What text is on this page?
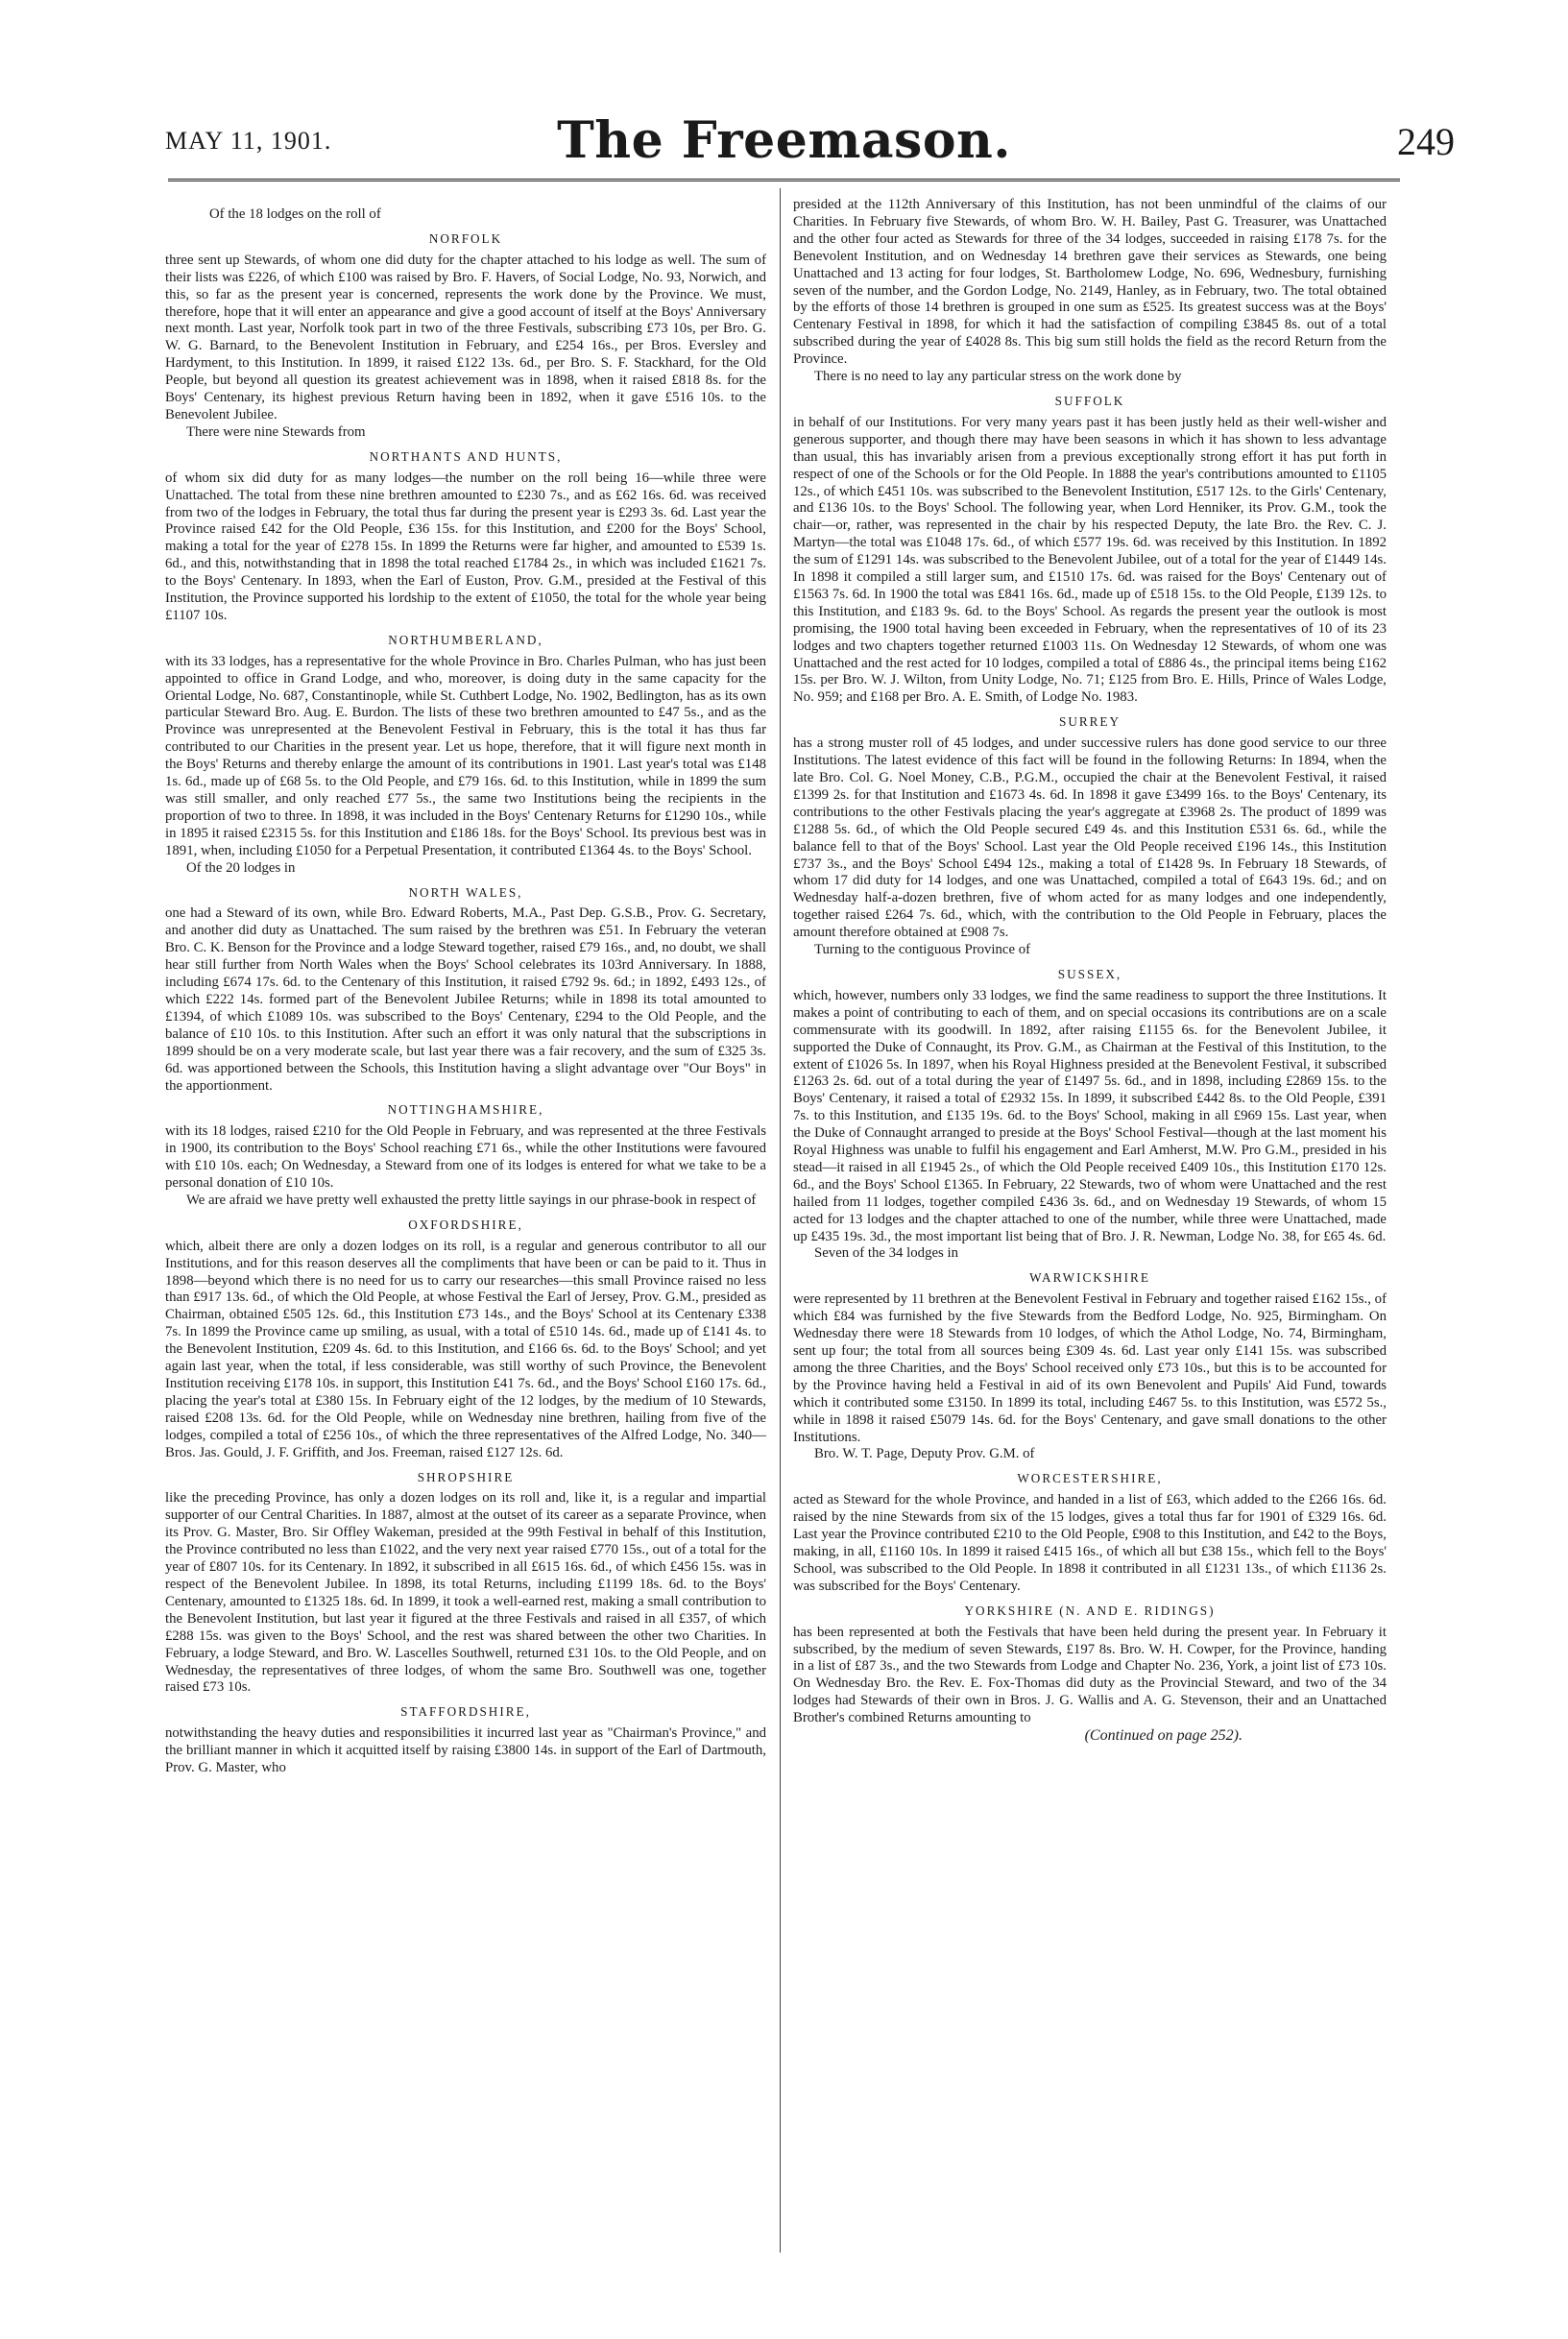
MAY 11, 1901.	The Freemason.	249

Of the 18 lodges on the roll of

NORFOLK

three sent up Stewards, of whom one did duty for the chapter attached to his lodge as well. The sum of their lists was £226, of which £100 was raised by Bro. F. Havers, of Social Lodge, No. 93, Norwich, and this, so far as the present year is concerned, represents the work done by the Province. We must, therefore, hope that it will enter an appearance and give a good account of itself at the Boys' Anniversary next month. Last year, Norfolk took part in two of the three Festivals, subscribing £73 10s, per Bro. G. W. G. Barnard, to the Benevolent Institution in February, and £254 16s., per Bros. Eversley and Hardyment, to this Institution. In 1899, it raised £122 13s. 6d., per Bro. S. F. Stackhard, for the Old People, but beyond all question its greatest achievement was in 1898, when it raised £818 8s. for the Boys' Centenary, its highest previous Return having been in 1892, when it gave £516 10s. to the Benevolent Jubilee.

There were nine Stewards from

NORTHANTS AND HUNTS,

of whom six did duty for as many lodges—the number on the roll being 16—while three were Unattached. The total from these nine brethren amounted to £230 7s., and as £62 16s. 6d. was received from two of the lodges in February, the total thus far during the present year is £293 3s. 6d. Last year the Province raised £42 for the Old People, £36 15s. for this Institution, and £200 for the Boys' School, making a total for the year of £278 15s. In 1899 the Returns were far higher, and amounted to £539 1s. 6d., and this, notwithstanding that in 1898 the total reached £1784 2s., in which was included £1621 7s. to the Boys' Centenary. In 1893, when the Earl of Euston, Prov. G.M., presided at the Festival of this Institution, the Province supported his lordship to the extent of £1050, the total for the whole year being £1107 10s.

NORTHUMBERLAND,

with its 33 lodges, has a representative for the whole Province in Bro. Charles Pulman, who has just been appointed to office in Grand Lodge, and who, moreover, is doing duty in the same capacity for the Oriental Lodge, No. 687, Constantinople, while St. Cuthbert Lodge, No. 1902, Bedlington, has as its own particular Steward Bro. Aug. E. Burdon. The lists of these two brethren amounted to £47 5s., and as the Province was unrepresented at the Benevolent Festival in February, this is the total it has thus far contributed to our Charities in the present year. Let us hope, therefore, that it will figure next month in the Boys' Returns and thereby enlarge the amount of its contributions in 1901. Last year's total was £148 1s. 6d., made up of £68 5s. to the Old People, and £79 16s. 6d. to this Institution, while in 1899 the sum was still smaller, and only reached £77 5s., the same two Institutions being the recipients in the proportion of two to three. In 1898, it was included in the Boys' Centenary Returns for £1290 10s., while in 1895 it raised £2315 5s. for this Institution and £186 18s. for the Boys' School. Its previous best was in 1891, when, including £1050 for a Perpetual Presentation, it contributed £1364 4s. to the Boys' School.

Of the 20 lodges in

NORTH WALES,

one had a Steward of its own, while Bro. Edward Roberts, M.A., Past Dep. G.S.B., Prov. G. Secretary, and another did duty as Unattached. The sum raised by the brethren was £51. In February the veteran Bro. C. K. Benson for the Province and a lodge Steward together, raised £79 16s., and, no doubt, we shall hear still further from North Wales when the Boys' School celebrates its 103rd Anniversary. In 1888, including £674 17s. 6d. to the Centenary of this Institution, it raised £792 9s. 6d.; in 1892, £493 12s., of which £222 14s. formed part of the Benevolent Jubilee Returns; while in 1898 its total amounted to £1394, of which £1089 10s. was subscribed to the Boys' Centenary, £294 to the Old People, and the balance of £10 10s. to this Institution. After such an effort it was only natural that the subscriptions in 1899 should be on a very moderate scale, but last year there was a fair recovery, and the sum of £325 3s. 6d. was apportioned between the Schools, this Institution having a slight advantage over "Our Boys" in the apportionment.

NOTTINGHAMSHIRE,

with its 18 lodges, raised £210 for the Old People in February, and was represented at the three Festivals in 1900, its contribution to the Boys' School reaching £71 6s., while the other Institutions were favoured with £10 10s. each; On Wednesday, a Steward from one of its lodges is entered for what we take to be a personal donation of £10 10s.

We are afraid we have pretty well exhausted the pretty little sayings in our phrase-book in respect of

OXFORDSHIRE,

which, albeit there are only a dozen lodges on its roll, is a regular and generous contributor to all our Institutions, and for this reason deserves all the compliments that have been or can be paid to it. Thus in 1898—beyond which there is no need for us to carry our researches—this small Province raised no less than £917 13s. 6d., of which the Old People, at whose Festival the Earl of Jersey, Prov. G.M., presided as Chairman, obtained £505 12s. 6d., this Institution £73 14s., and the Boys' School at its Centenary £338 7s. In 1899 the Province came up smiling, as usual, with a total of £510 14s. 6d., made up of £141 4s. to the Benevolent Institution, £209 4s. 6d. to this Institution, and £166 6s. 6d. to the Boys' School; and yet again last year, when the total, if less considerable, was still worthy of such Province, the Benevolent Institution receiving £178 10s. in support, this Institution £41 7s. 6d., and the Boys' School £160 17s. 6d., placing the year's total at £380 15s. In February eight of the 12 lodges, by the medium of 10 Stewards, raised £208 13s. 6d. for the Old People, while on Wednesday nine brethren, hailing from five of the lodges, compiled a total of £256 10s., of which the three representatives of the Alfred Lodge, No. 340—Bros. Jas. Gould, J. F. Griffith, and Jos. Freeman, raised £127 12s. 6d.

SHROPSHIRE

like the preceding Province, has only a dozen lodges on its roll and, like it, is a regular and impartial supporter of our Central Charities. In 1887, almost at the outset of its career as a separate Province, when its Prov. G. Master, Bro. Sir Offley Wakeman, presided at the 99th Festival in behalf of this Institution, the Province contributed no less than £1022, and the very next year raised £770 15s., out of a total for the year of £807 10s. for its Centenary. In 1892, it subscribed in all £615 16s. 6d., of which £456 15s. was in respect of the Benevolent Jubilee. In 1898, its total Returns, including £1199 18s. 6d. to the Boys' Centenary, amounted to £1325 18s. 6d. In 1899, it took a well-earned rest, making a small contribution to the Benevolent Institution, but last year it figured at the three Festivals and raised in all £357, of which £288 15s. was given to the Boys' School, and the rest was shared between the other two Charities. In February, a lodge Steward, and Bro. W. Lascelles Southwell, returned £31 10s. to the Old People, and on Wednesday, the representatives of three lodges, of whom the same Bro. Southwell was one, together raised £73 10s.

STAFFORDSHIRE,

notwithstanding the heavy duties and responsibilities it incurred last year as "Chairman's Province," and the brilliant manner in which it acquitted itself by raising £3800 14s. in support of the Earl of Dartmouth, Prov. G. Master, who

presided at the 112th Anniversary of this Institution, has not been unmindful of the claims of our Charities. In February five Stewards, of whom Bro. W. H. Bailey, Past G. Treasurer, was Unattached and the other four acted as Stewards for three of the 34 lodges, succeeded in raising £178 7s. for the Benevolent Institution, and on Wednesday 14 brethren gave their services as Stewards, one being Unattached and 13 acting for four lodges, St. Bartholomew Lodge, No. 696, Wednesbury, furnishing seven of the number, and the Gordon Lodge, No. 2149, Hanley, as in February, two. The total obtained by the efforts of those 14 brethren is grouped in one sum as £525. Its greatest success was at the Boys' Centenary Festival in 1898, for which it had the satisfaction of compiling £3845 8s. out of a total subscribed during the year of £4028 8s. This big sum still holds the field as the record Return from the Province.

There is no need to lay any particular stress on the work done by

SUFFOLK

in behalf of our Institutions. For very many years past it has been justly held as their well-wisher and generous supporter, and though there may have been seasons in which it has shown to less advantage than usual, this has invariably arisen from a previous exceptionally strong effort it has put forth in respect of one of the Schools or for the Old People. In 1888 the year's contributions amounted to £1105 12s., of which £451 10s. was subscribed to the Benevolent Institution, £517 12s. to the Girls' Centenary, and £136 10s. to the Boys' School. The following year, when Lord Henniker, its Prov. G.M., took the chair—or, rather, was represented in the chair by his respected Deputy, the late Bro. the Rev. C. J. Martyn—the total was £1048 17s. 6d., of which £577 19s. 6d. was received by this Institution. In 1892 the sum of £1291 14s. was subscribed to the Benevolent Jubilee, out of a total for the year of £1449 14s. In 1898 it compiled a still larger sum, and £1510 17s. 6d. was raised for the Boys' Centenary out of £1563 7s. 6d. In 1900 the total was £841 16s. 6d., made up of £518 15s. to the Old People, £139 12s. to this Institution, and £183 9s. 6d. to the Boys' School. As regards the present year the outlook is most promising, the 1900 total having been exceeded in February, when the representatives of 10 of its 23 lodges and two chapters together returned £1003 11s. On Wednesday 12 Stewards, of whom one was Unattached and the rest acted for 10 lodges, compiled a total of £886 4s., the principal items being £162 15s. per Bro. W. J. Wilton, from Unity Lodge, No. 71; £125 from Bro. E. Hills, Prince of Wales Lodge, No. 959; and £168 per Bro. A. E. Smith, of Lodge No. 1983.

SURREY

has a strong muster roll of 45 lodges, and under successive rulers has done good service to our three Institutions. The latest evidence of this fact will be found in the following Returns: In 1894, when the late Bro. Col. G. Noel Money, C.B., P.G.M., occupied the chair at the Benevolent Festival, it raised £1399 2s. for that Institution and £1673 4s. 6d. In 1898 it gave £3499 16s. to the Boys' Centenary, its contributions to the other Festivals placing the year's aggregate at £3968 2s. The product of 1899 was £1288 5s. 6d., of which the Old People secured £49 4s. and this Institution £531 6s. 6d., while the balance fell to that of the Boys' School. Last year the Old People received £196 14s., this Institution £737 3s., and the Boys' School £494 12s., making a total of £1428 9s. In February 18 Stewards, of whom 17 did duty for 14 lodges, and one was Unattached, compiled a total of £643 19s. 6d.; and on Wednesday half-a-dozen brethren, five of whom acted for as many lodges and one independently, together raised £264 7s. 6d., which, with the contribution to the Old People in February, places the amount therefore obtained at £908 7s.

Turning to the contiguous Province of

SUSSEX,

which, however, numbers only 33 lodges, we find the same readiness to support the three Institutions. It makes a point of contributing to each of them, and on special occasions its contributions are on a scale commensurate with its goodwill. In 1892, after raising £1155 6s. for the Benevolent Jubilee, it supported the Duke of Connaught, its Prov. G.M., as Chairman at the Festival of this Institution, to the extent of £1026 5s. In 1897, when his Royal Highness presided at the Benevolent Festival, it subscribed £1263 2s. 6d. out of a total during the year of £1497 5s. 6d., and in 1898, including £2869 15s. to the Boys' Centenary, it raised a total of £2932 15s. In 1899, it subscribed £442 8s. to the Old People, £391 7s. to this Institution, and £135 19s. 6d. to the Boys' School, making in all £969 15s. Last year, when the Duke of Connaught arranged to preside at the Boys' School Festival—though at the last moment his Royal Highness was unable to fulfil his engagement and Earl Amherst, M.W. Pro G.M., presided in his stead—it raised in all £1945 2s., of which the Old People received £409 10s., this Institution £170 12s. 6d., and the Boys' School £1365. In February, 22 Stewards, two of whom were Unattached and the rest hailed from 11 lodges, together compiled £436 3s. 6d., and on Wednesday 19 Stewards, of whom 15 acted for 13 lodges and the chapter attached to one of the number, while three were Unattached, made up £435 19s. 3d., the most important list being that of Bro. J. R. Newman, Lodge No. 38, for £65 4s. 6d.

Seven of the 34 lodges in

WARWICKSHIRE

were represented by 11 brethren at the Benevolent Festival in February and together raised £162 15s., of which £84 was furnished by the five Stewards from the Bedford Lodge, No. 925, Birmingham. On Wednesday there were 18 Stewards from 10 lodges, of which the Athol Lodge, No. 74, Birmingham, sent up four; the total from all sources being £309 4s. 6d. Last year only £141 15s. was subscribed among the three Charities, and the Boys' School received only £73 10s., but this is to be accounted for by the Province having held a Festival in aid of its own Benevolent and Pupils' Aid Fund, towards which it contributed some £3150. In 1899 its total, including £467 5s. to this Institution, was £572 5s., while in 1898 it raised £5079 14s. 6d. for the Boys' Centenary, and gave small donations to the other Institutions.

Bro. W. T. Page, Deputy Prov. G.M. of

WORCESTERSHIRE,

acted as Steward for the whole Province, and handed in a list of £63, which added to the £266 16s. 6d. raised by the nine Stewards from six of the 15 lodges, gives a total thus far for 1901 of £329 16s. 6d. Last year the Province contributed £210 to the Old People, £908 to this Institution, and £42 to the Boys, making, in all, £1160 10s. In 1899 it raised £415 16s., of which all but £38 15s., which fell to the Boys' School, was subscribed to the Old People. In 1898 it contributed in all £1231 13s., of which £1136 2s. was subscribed for the Boys' Centenary.

YORKSHIRE (N. AND E. RIDINGS)

has been represented at both the Festivals that have been held during the present year. In February it subscribed, by the medium of seven Stewards, £197 8s. Bro. W. H. Cowper, for the Province, handing in a list of £87 3s., and the two Stewards from Lodge and Chapter No. 236, York, a joint list of £73 10s. On Wednesday Bro. the Rev. E. Fox-Thomas did duty as the Provincial Steward, and two of the 34 lodges had Stewards of their own in Bros. J. G. Wallis and A. G. Stevenson, their and an Unattached Brother's combined Returns amounting to

(Continued on page 252).
